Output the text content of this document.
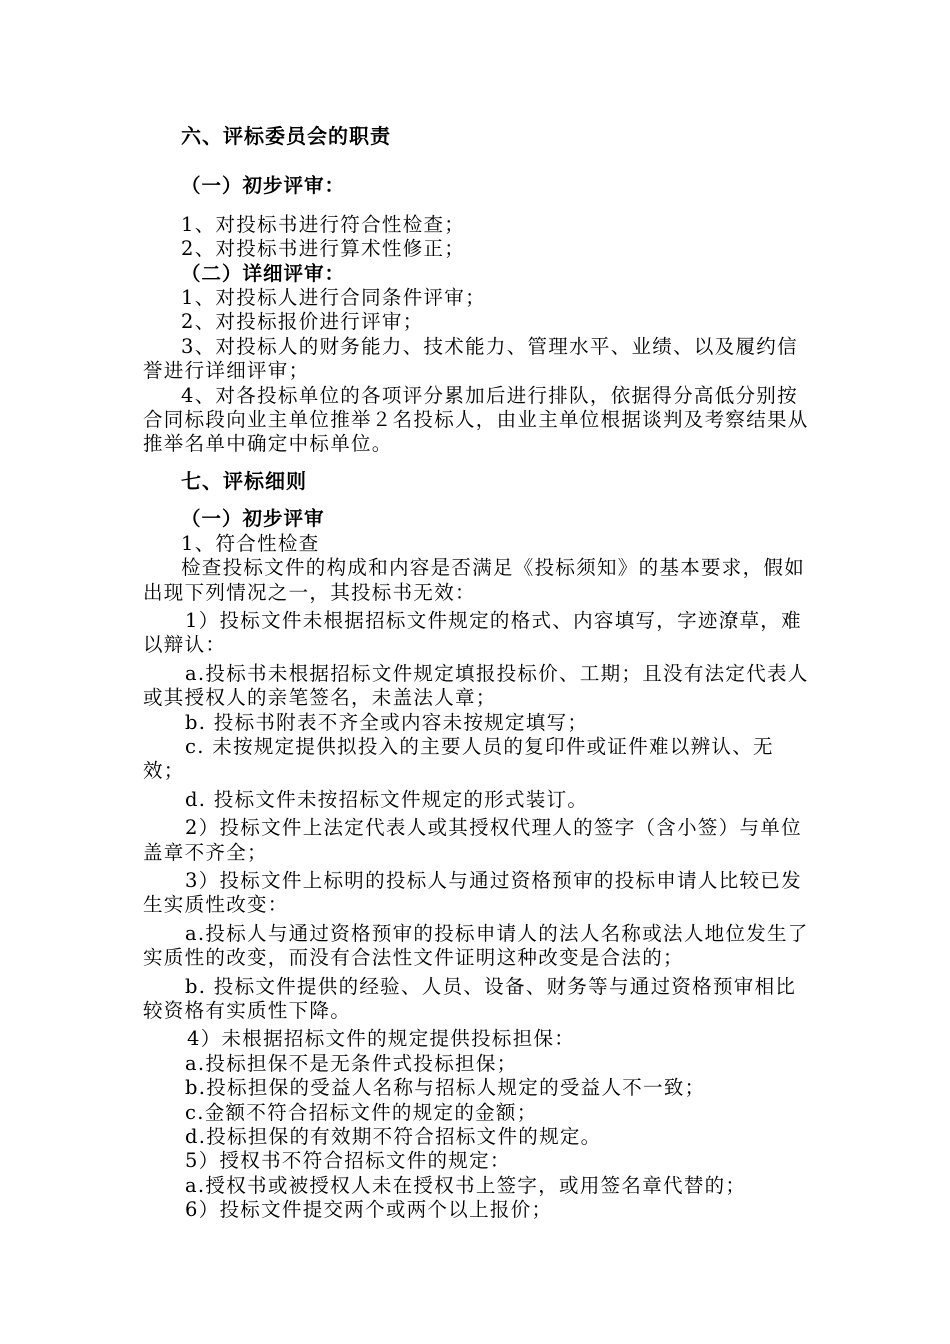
六、评标委员会的职责

（一）初步评审：

1、对投标书进行符合性检查；

2、对投标书进行算术性修正；

（二）详细评审：

1、对投标人进行合同条件评审；

2、对投标报价进行评审；

3、对投标人的财务能力、技术能力、管理水平、业绩、以及履约信誉进行详细评审；

4、对各投标单位的各项评分累加后进行排队，依据得分高低分别按合同标段向业主单位推举２名投标人，由业主单位根据谈判及考察结果从推举名单中确定中标单位。

七、评标细则

（一）初步评审

1、符合性检查

检查投标文件的构成和内容是否满足《投标须知》的基本要求，假如出现下列情况之一，其投标书无效：

1）投标文件未根据招标文件规定的格式、内容填写，字迹潦草，难以辩认：

a.投标书未根据招标文件规定填报投标价、工期；且没有法定代表人或其授权人的亲笔签名，未盖法人章；

b. 投标书附表不齐全或内容未按规定填写；

c. 未按规定提供拟投入的主要人员的复印件或证件难以辨认、无效；

d. 投标文件未按招标文件规定的形式装订。

2）投标文件上法定代表人或其授权代理人的签字（含小签）与单位盖章不齐全；

3）投标文件上标明的投标人与通过资格预审的投标申请人比较已发生实质性改变：

a.投标人与通过资格预审的投标申请人的法人名称或法人地位发生了实质性的改变，而没有合法性文件证明这种改变是合法的；

b. 投标文件提供的经验、人员、设备、财务等与通过资格预审相比较资格有实质性下降。

4）未根据招标文件的规定提供投标担保：

a.投标担保不是无条件式投标担保；

b.投标担保的受益人名称与招标人规定的受益人不一致；

c.金额不符合招标文件的规定的金额；

d.投标担保的有效期不符合招标文件的规定。

5）授权书不符合招标文件的规定：

a.授权书或被授权人未在授权书上签字，或用签名章代替的；

6）投标文件提交两个或两个以上报价；
